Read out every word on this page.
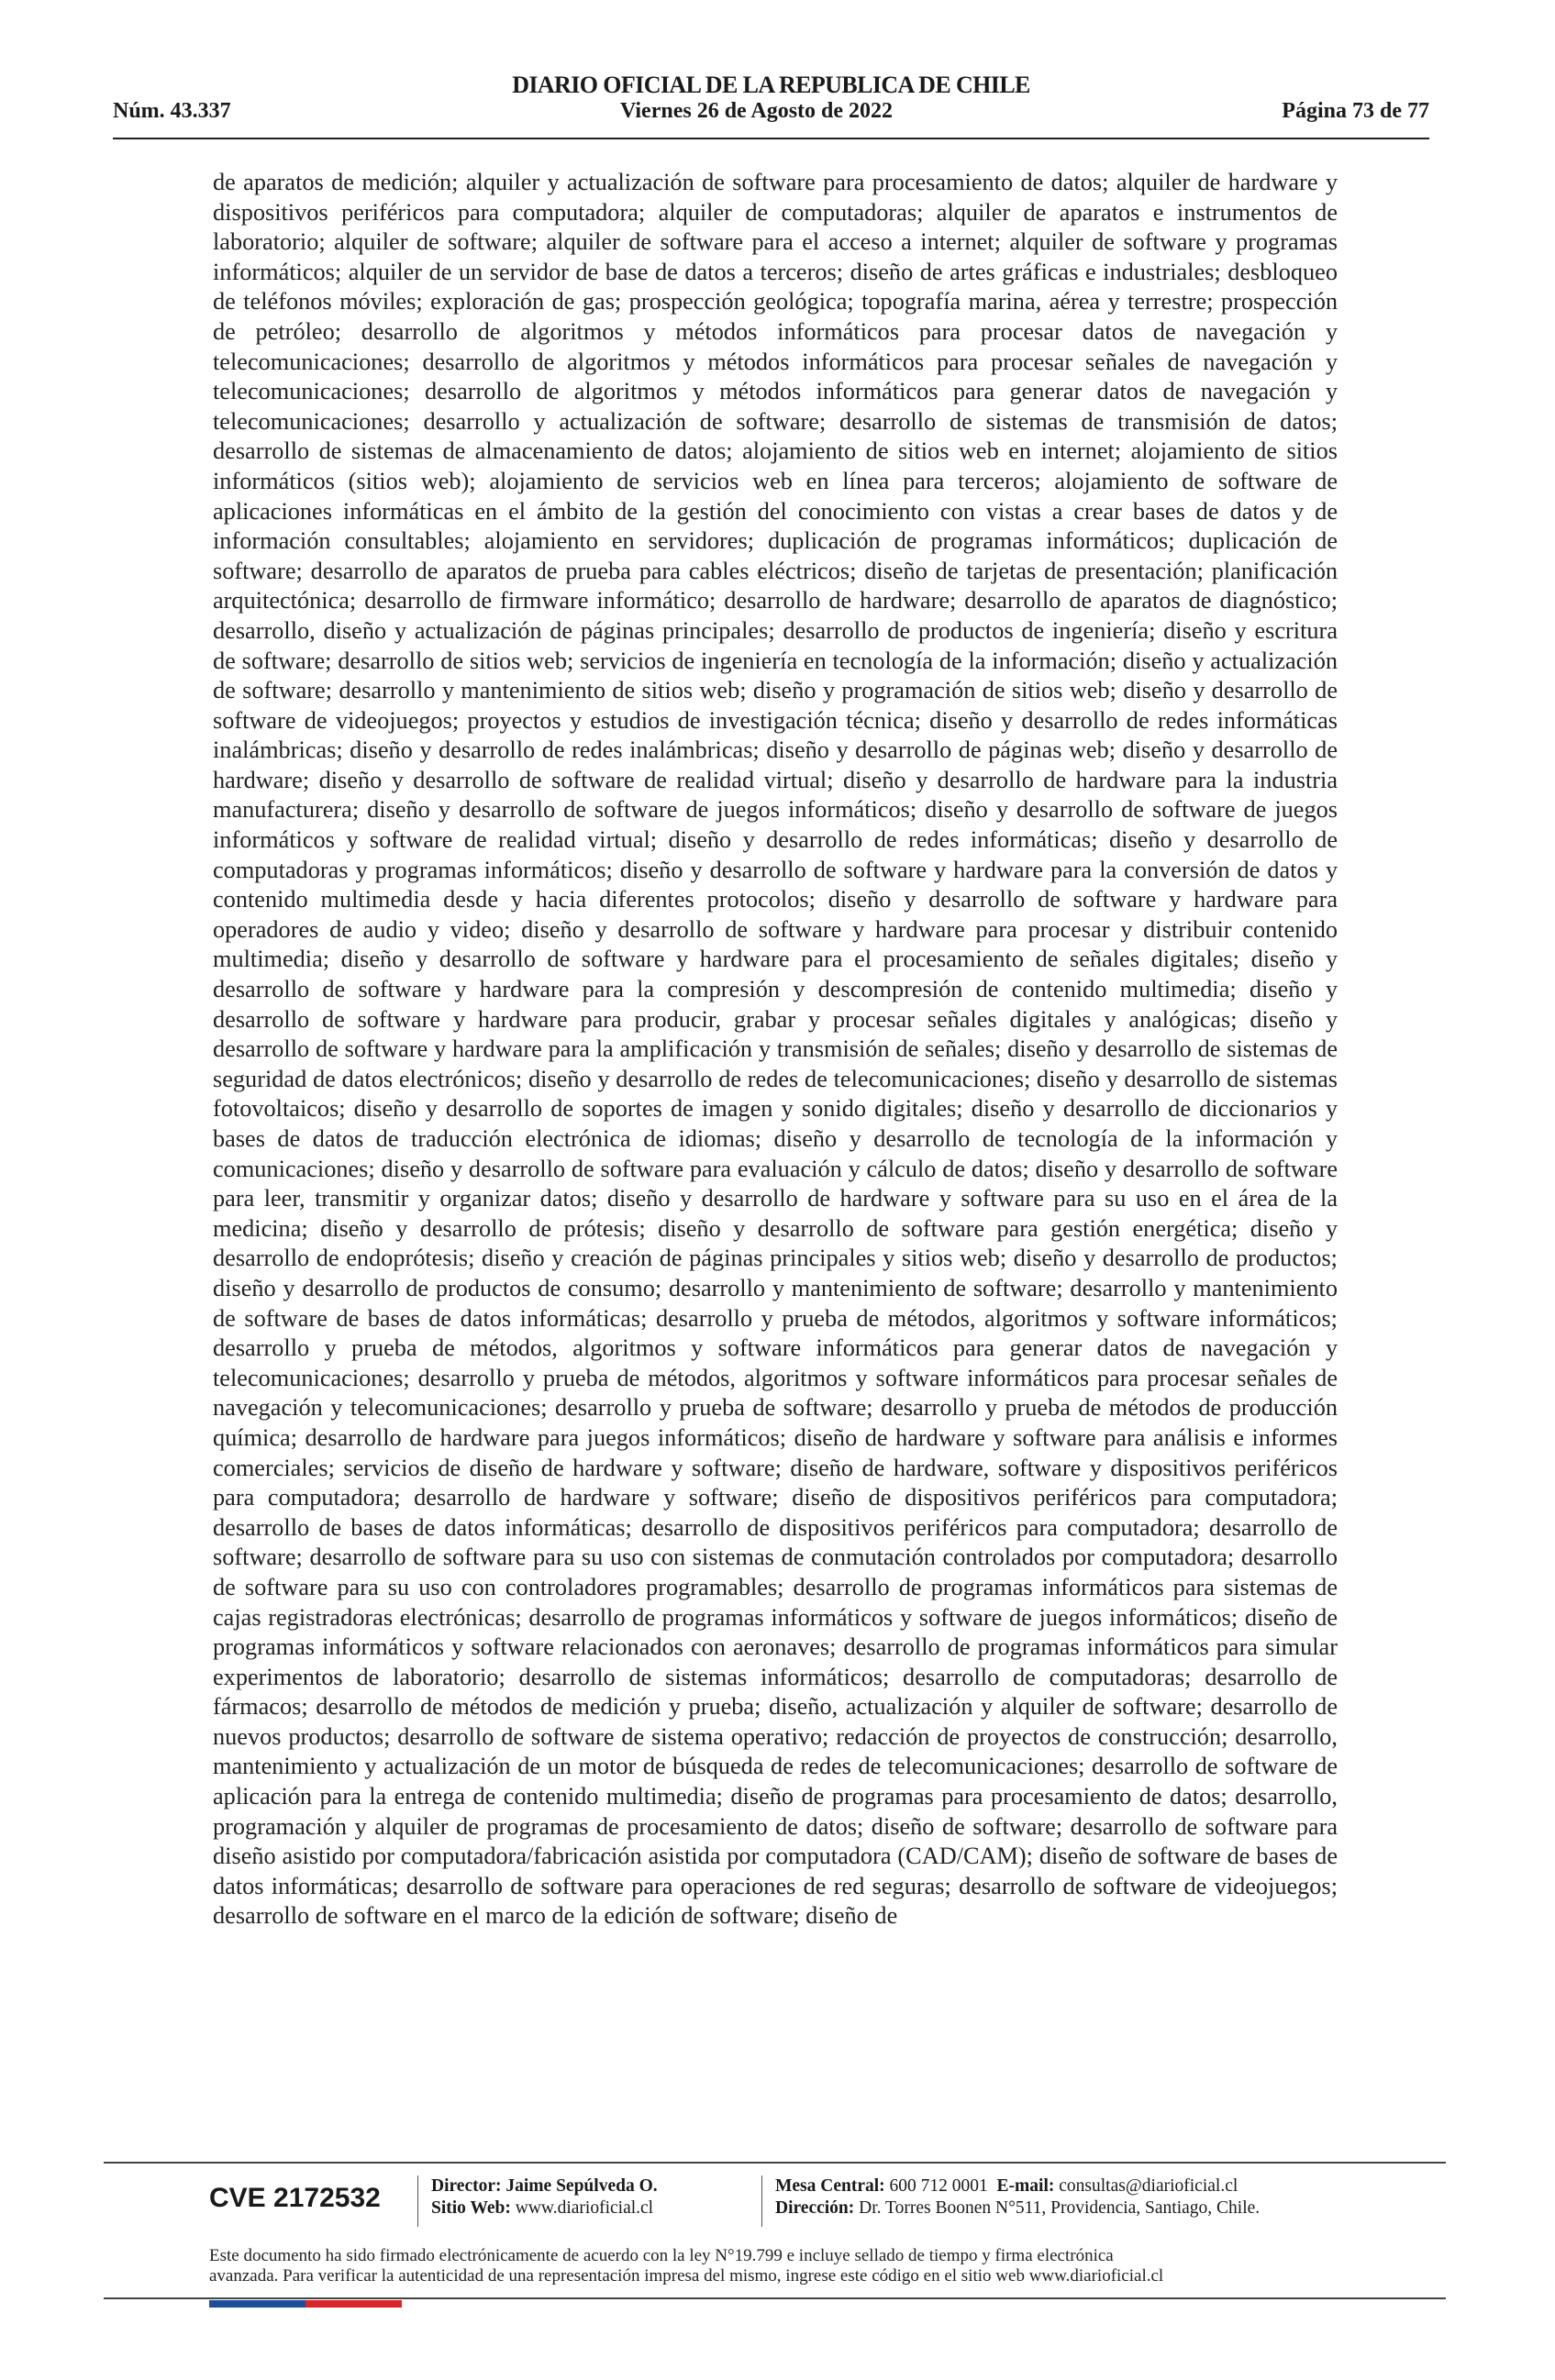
DIARIO OFICIAL DE LA REPUBLICA DE CHILE
Núm. 43.337	Viernes 26 de Agosto de 2022	Página 73 de 77
de aparatos de medición; alquiler y actualización de software para procesamiento de datos; alquiler de hardware y dispositivos periféricos para computadora; alquiler de computadoras; alquiler de aparatos e instrumentos de laboratorio; alquiler de software; alquiler de software para el acceso a internet; alquiler de software y programas informáticos; alquiler de un servidor de base de datos a terceros; diseño de artes gráficas e industriales; desbloqueo de teléfonos móviles; exploración de gas; prospección geológica; topografía marina, aérea y terrestre; prospección de petróleo; desarrollo de algoritmos y métodos informáticos para procesar datos de navegación y telecomunicaciones; desarrollo de algoritmos y métodos informáticos para procesar señales de navegación y telecomunicaciones; desarrollo de algoritmos y métodos informáticos para generar datos de navegación y telecomunicaciones; desarrollo y actualización de software; desarrollo de sistemas de transmisión de datos; desarrollo de sistemas de almacenamiento de datos; alojamiento de sitios web en internet; alojamiento de sitios informáticos (sitios web); alojamiento de servicios web en línea para terceros; alojamiento de software de aplicaciones informáticas en el ámbito de la gestión del conocimiento con vistas a crear bases de datos y de información consultables; alojamiento en servidores; duplicación de programas informáticos; duplicación de software; desarrollo de aparatos de prueba para cables eléctricos; diseño de tarjetas de presentación; planificación arquitectónica; desarrollo de firmware informático; desarrollo de hardware; desarrollo de aparatos de diagnóstico; desarrollo, diseño y actualización de páginas principales; desarrollo de productos de ingeniería; diseño y escritura de software; desarrollo de sitios web; servicios de ingeniería en tecnología de la información; diseño y actualización de software; desarrollo y mantenimiento de sitios web; diseño y programación de sitios web; diseño y desarrollo de software de videojuegos; proyectos y estudios de investigación técnica; diseño y desarrollo de redes informáticas inalámbricas; diseño y desarrollo de redes inalámbricas; diseño y desarrollo de páginas web; diseño y desarrollo de hardware; diseño y desarrollo de software de realidad virtual; diseño y desarrollo de hardware para la industria manufacturera; diseño y desarrollo de software de juegos informáticos; diseño y desarrollo de software de juegos informáticos y software de realidad virtual; diseño y desarrollo de redes informáticas; diseño y desarrollo de computadoras y programas informáticos; diseño y desarrollo de software y hardware para la conversión de datos y contenido multimedia desde y hacia diferentes protocolos; diseño y desarrollo de software y hardware para operadores de audio y video; diseño y desarrollo de software y hardware para procesar y distribuir contenido multimedia; diseño y desarrollo de software y hardware para el procesamiento de señales digitales; diseño y desarrollo de software y hardware para la compresión y descompresión de contenido multimedia; diseño y desarrollo de software y hardware para producir, grabar y procesar señales digitales y analógicas; diseño y desarrollo de software y hardware para la amplificación y transmisión de señales; diseño y desarrollo de sistemas de seguridad de datos electrónicos; diseño y desarrollo de redes de telecomunicaciones; diseño y desarrollo de sistemas fotovoltaicos; diseño y desarrollo de soportes de imagen y sonido digitales; diseño y desarrollo de diccionarios y bases de datos de traducción electrónica de idiomas; diseño y desarrollo de tecnología de la información y comunicaciones; diseño y desarrollo de software para evaluación y cálculo de datos; diseño y desarrollo de software para leer, transmitir y organizar datos; diseño y desarrollo de hardware y software para su uso en el área de la medicina; diseño y desarrollo de prótesis; diseño y desarrollo de software para gestión energética; diseño y desarrollo de endoprótesis; diseño y creación de páginas principales y sitios web; diseño y desarrollo de productos; diseño y desarrollo de productos de consumo; desarrollo y mantenimiento de software; desarrollo y mantenimiento de software de bases de datos informáticas; desarrollo y prueba de métodos, algoritmos y software informáticos; desarrollo y prueba de métodos, algoritmos y software informáticos para generar datos de navegación y telecomunicaciones; desarrollo y prueba de métodos, algoritmos y software informáticos para procesar señales de navegación y telecomunicaciones; desarrollo y prueba de software; desarrollo y prueba de métodos de producción química; desarrollo de hardware para juegos informáticos; diseño de hardware y software para análisis e informes comerciales; servicios de diseño de hardware y software; diseño de hardware, software y dispositivos periféricos para computadora; desarrollo de hardware y software; diseño de dispositivos periféricos para computadora; desarrollo de bases de datos informáticas; desarrollo de dispositivos periféricos para computadora; desarrollo de software; desarrollo de software para su uso con sistemas de conmutación controlados por computadora; desarrollo de software para su uso con controladores programables; desarrollo de programas informáticos para sistemas de cajas registradoras electrónicas; desarrollo de programas informáticos y software de juegos informáticos; diseño de programas informáticos y software relacionados con aeronaves; desarrollo de programas informáticos para simular experimentos de laboratorio; desarrollo de sistemas informáticos; desarrollo de computadoras; desarrollo de fármacos; desarrollo de métodos de medición y prueba; diseño, actualización y alquiler de software; desarrollo de nuevos productos; desarrollo de software de sistema operativo; redacción de proyectos de construcción; desarrollo, mantenimiento y actualización de un motor de búsqueda de redes de telecomunicaciones; desarrollo de software de aplicación para la entrega de contenido multimedia; diseño de programas para procesamiento de datos; desarrollo, programación y alquiler de programas de procesamiento de datos; diseño de software; desarrollo de software para diseño asistido por computadora/fabricación asistida por computadora (CAD/CAM); diseño de software de bases de datos informáticas; desarrollo de software para operaciones de red seguras; desarrollo de software de videojuegos; desarrollo de software en el marco de la edición de software; diseño de
CVE 2172532	Director: Jaime Sepúlveda O.
Sitio Web: www.diarioficial.cl
Mesa Central: 600 712 0001 E-mail: consultas@diarioficial.cl
Dirección: Dr. Torres Boonen N°511, Providencia, Santiago, Chile.
Este documento ha sido firmado electrónicamente de acuerdo con la ley N°19.799 e incluye sellado de tiempo y firma electrónica
avanzada. Para verificar la autenticidad de una representación impresa del mismo, ingrese este código en el sitio web www.diarioficial.cl
